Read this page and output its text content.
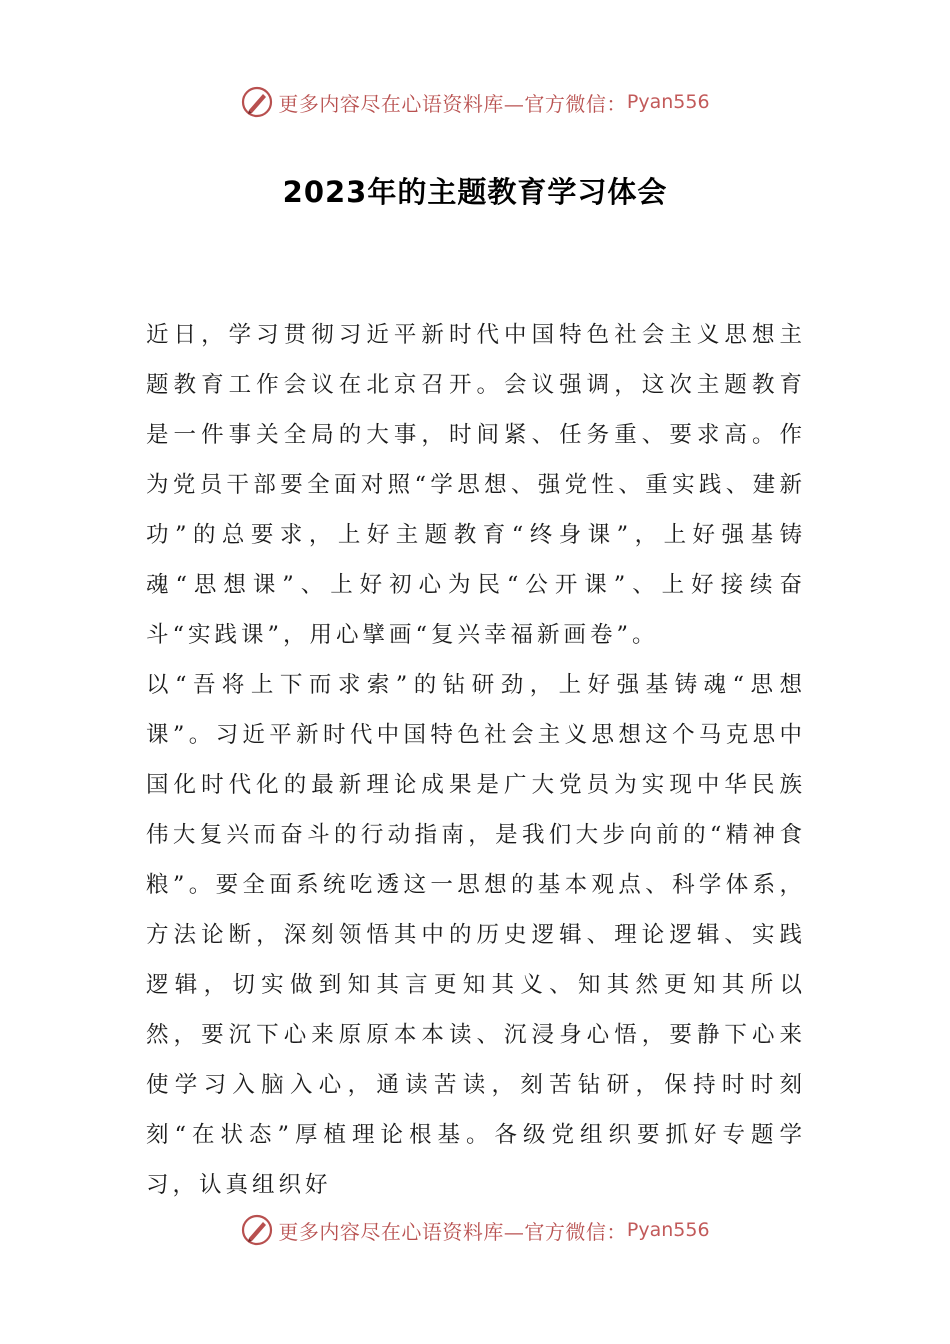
更多内容尽在心语资料库—官方微信： Pyan556
2023年的主题教育学习体会

近日，学习贯彻习近平新时代中国特色社会主义思想主题教育工作会议在北京召开。会议强调，这次主题教育是一件事关全局的大事，时间紧、任务重、要求高。作为党员干部要全面对照“学思想、强党性、重实践、建新功”的总要求，上好主题教育“终身课”，上好强基铸魂“思想课”、上好初心为民“公开课”、上好接续奋斗“实践课”，用心擘画“复兴幸福新画卷”。

以“吾将上下而求索”的钻研劲，上好强基铸魂“思想课”。习近平新时代中国特色社会主义思想这个马克思中国化时代化的最新理论成果是广大党员为实现中华民族伟大复兴而奋斗的行动指南，是我们大步向前的“精神食粮”。要全面系统吃透这一思想的基本观点、科学体系，方法论断，深刻领悟其中的历史逻辑、理论逻辑、实践逻辑，切实做到知其言更知其义、知其然更知其所以然，要沉下心来原原本本读、沉浸身心悟，要静下心来使学习入脑入心，通读苦读，刻苦钻研，保持时时刻刻“在状态”厚植理论根基。各级党组织要抓好专题学习，认真组织好

更多内容尽在心语资料库—官方微信： Pyan556
